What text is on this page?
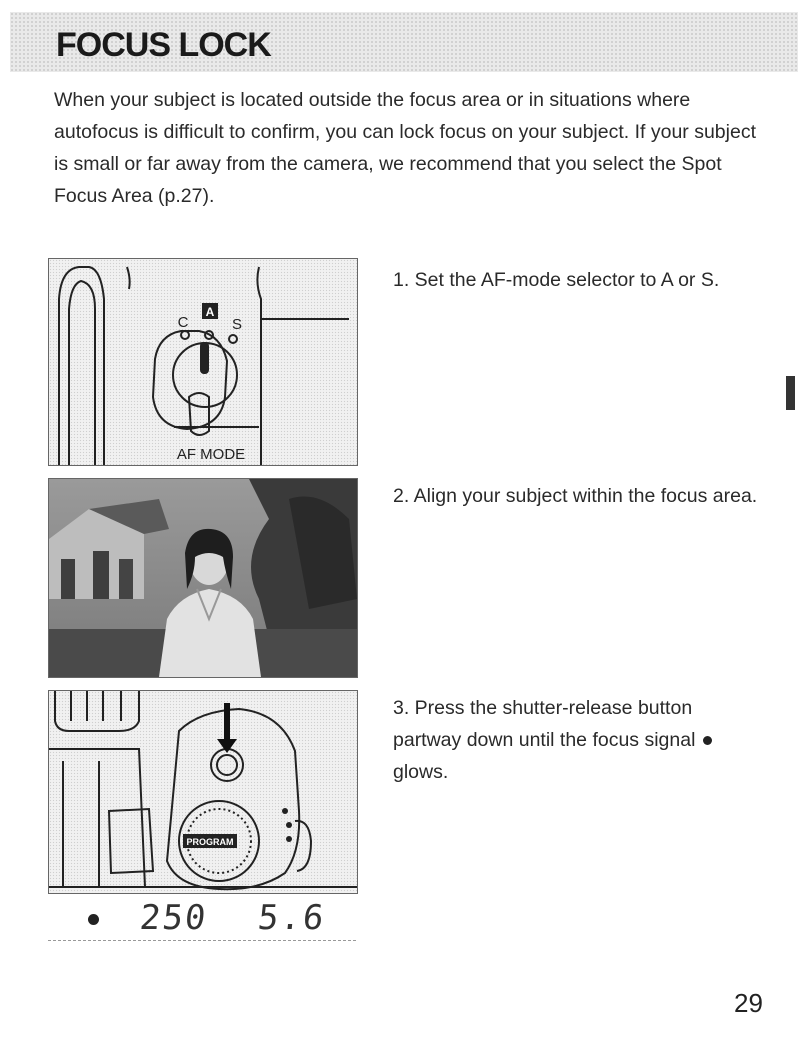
FOCUS LOCK

When your subject is located outside the focus area or in situations where autofocus is difficult to confirm, you can lock focus on your subject. If your subject is small or far away from the camera, we recommend that you select the Spot Focus Area (p.27).

A
C	S
AF MODE
PROGRAM
250 5.6

1. Set the AF-mode selector to A or S.

2. Align your subject within the focus area.

3. Press the shutter-release button partway down until the focus signal
glows.

29
